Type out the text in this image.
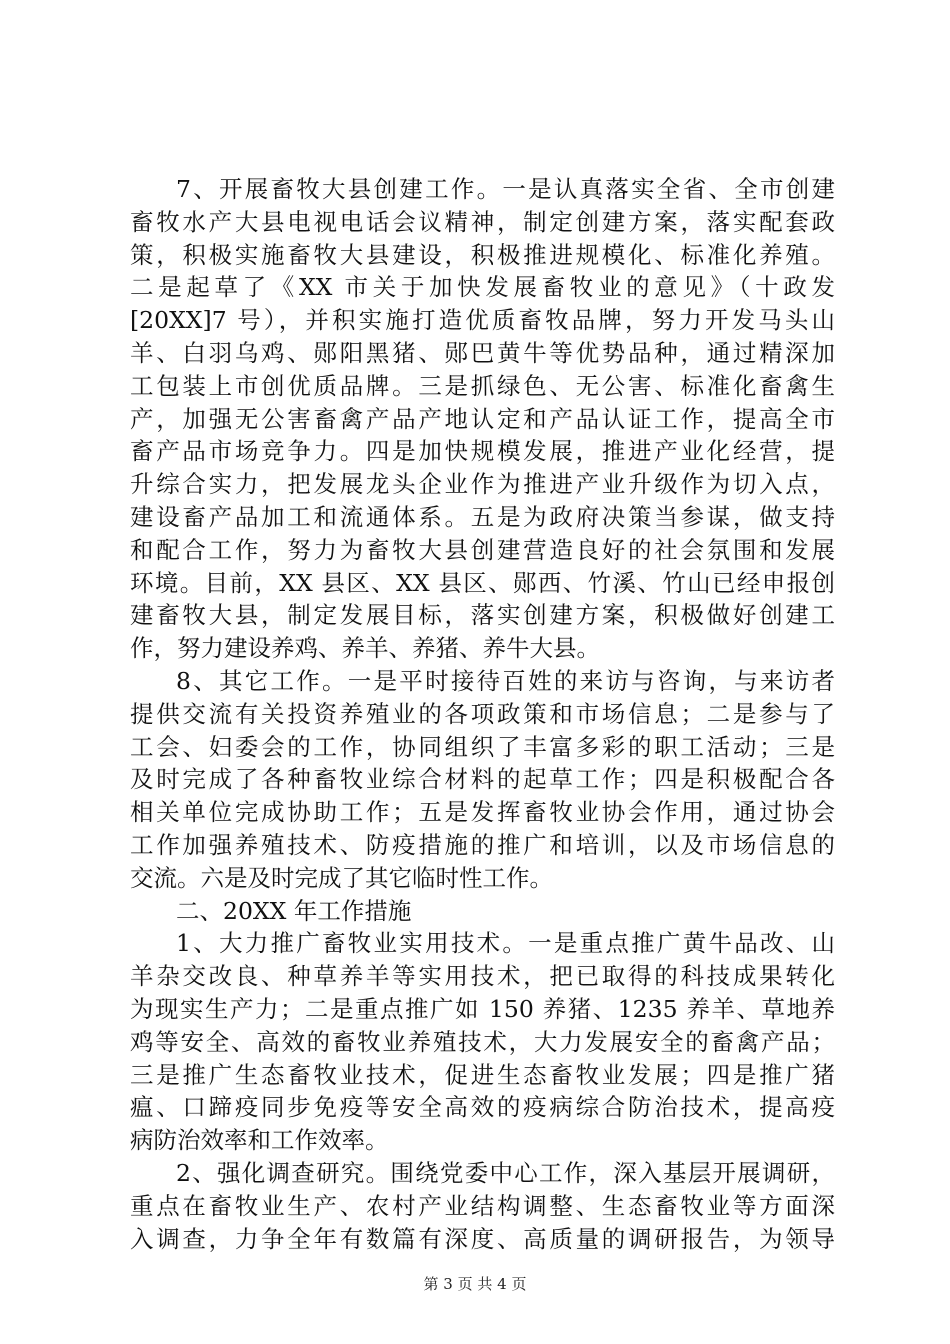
7、开展畜牧大县创建工作。一是认真落实全省、全市创建
畜牧水产大县电视电话会议精神，制定创建方案，落实配套政
策，积极实施畜牧大县建设，积极推进规模化、标准化养殖。
二是起草了《XX 市关于加快发展畜牧业的意见》（十政发
[20XX]7 号），并积实施打造优质畜牧品牌，努力开发马头山
羊、白羽乌鸡、郧阳黑猪、郧巴黄牛等优势品种，通过精深加
工包装上市创优质品牌。三是抓绿色、无公害、标准化畜禽生
产，加强无公害畜禽产品产地认定和产品认证工作，提高全市
畜产品市场竞争力。四是加快规模发展，推进产业化经营，提
升综合实力，把发展龙头企业作为推进产业升级作为切入点，
建设畜产品加工和流通体系。五是为政府决策当参谋，做支持
和配合工作，努力为畜牧大县创建营造良好的社会氛围和发展
环境。目前，XX 县区、XX 县区、郧西、竹溪、竹山已经申报创
建畜牧大县，制定发展目标，落实创建方案，积极做好创建工
作，努力建设养鸡、养羊、养猪、养牛大县。
8、其它工作。一是平时接待百姓的来访与咨询，与来访者
提供交流有关投资养殖业的各项政策和市场信息；二是参与了
工会、妇委会的工作，协同组织了丰富多彩的职工活动；三是
及时完成了各种畜牧业综合材料的起草工作；四是积极配合各
相关单位完成协助工作；五是发挥畜牧业协会作用，通过协会
工作加强养殖技术、防疫措施的推广和培训，以及市场信息的
交流。六是及时完成了其它临时性工作。
二、20XX 年工作措施
1、大力推广畜牧业实用技术。一是重点推广黄牛品改、山
羊杂交改良、种草养羊等实用技术，把已取得的科技成果转化
为现实生产力；二是重点推广如 150 养猪、1235 养羊、草地养
鸡等安全、高效的畜牧业养殖技术，大力发展安全的畜禽产品；
三是推广生态畜牧业技术，促进生态畜牧业发展；四是推广猪
瘟、口蹄疫同步免疫等安全高效的疫病综合防治技术，提高疫
病防治效率和工作效率。
2、强化调查研究。围绕党委中心工作，深入基层开展调研，
重点在畜牧业生产、农村产业结构调整、生态畜牧业等方面深
入调查，力争全年有数篇有深度、高质量的调研报告，为领导
第 3 页 共 4 页
